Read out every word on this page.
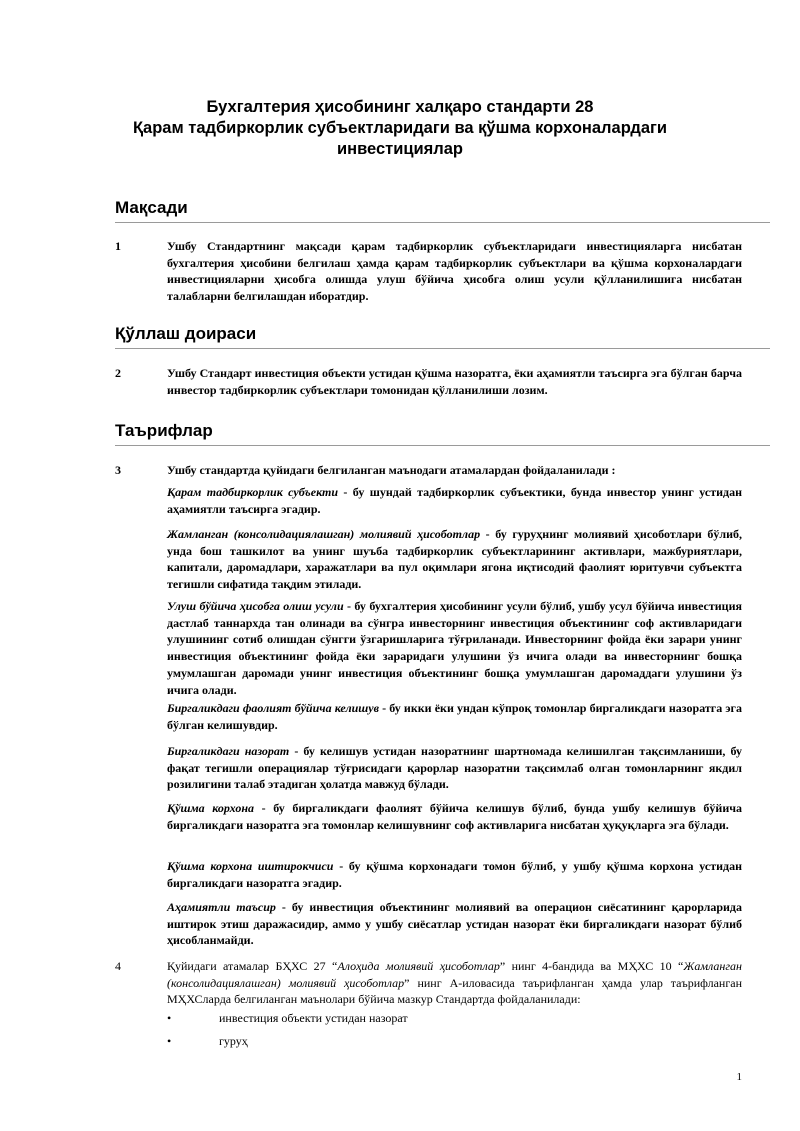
Бухгалтерия ҳисобининг халқаро стандарти 28
Қарам тадбиркорлик субъектларидаги ва қўшма корхоналардаги
инвестициялар
Мақсади
1	Ушбу Стандартнинг мақсади қарам тадбиркорлик субъектларидаги инвестицияларга нисбатан бухгалтерия ҳисобини белгилаш ҳамда қарам тадбиркорлик субъектлари ва қўшма корхоналардаги инвестицияларни ҳисобга олишда улуш бўйича ҳисобга олиш усули қўлланилишига нисбатан талабларни белгилашдан иборатдир.
Қўллаш доираси
2	Ушбу Стандарт инвестиция объекти устидан қўшма назоратга, ёки аҳамиятли таъсирга эга бўлган барча инвестор тадбиркорлик субъектлари томонидан қўлланилиши лозим.
Таърифлар
3	Ушбу стандартда қуйидаги белгиланган маънодаги атамалардан фойдаланилади :
Қарам тадбиркорлик субъекти - бу шундай тадбиркорлик субъектики, бунда инвестор унинг устидан аҳамиятли таъсирга эгадир.
Жамланган (консолидациялашган) молиявий ҳисоботлар - бу гуруҳнинг молиявий ҳисоботлари бўлиб, унда бош ташкилот ва унинг шуъба тадбиркорлик субъектларининг активлари, мажбуриятлари, капитали, даромадлари, харажатлари ва пул оқимлари ягона иқтисодий фаолият юритувчи субъектга тегишли сифатида тақдим этилади.
Улуш бўйича ҳисобга олиш усули - бу бухгалтерия ҳисобининг усули бўлиб, ушбу усул бўйича инвестиция дастлаб таннархда тан олинади ва сўнгра инвесторнинг инвестиция объектининг соф активларидаги улушининг сотиб олишдан сўнгги ўзгаришларига тўғриланади. Инвесторнинг фойда ёки зарари унинг инвестиция объектининг фойда ёки зараридаги улушини ўз ичига олади ва инвесторнинг бошқа умумлашган даромади унинг инвестиция объектининг бошқа умумлашган даромаддаги улушини ўз ичига олади.
Биргаликдаги фаолият бўйича келишув - бу икки ёки ундан кўпроқ томонлар биргаликдаги назоратга эга бўлган келишувдир.
Биргаликдаги назорат - бу келишув устидан назоратнинг шартномада келишилган тақсимланиши, бу фақат тегишли операциялар тўғрисидаги қарорлар назоратни тақсимлаб олган томонларнинг якдил розилигини талаб этадиган ҳолатда мавжуд бўлади.
Қўшма корхона - бу биргаликдаги фаолият бўйича келишув бўлиб, бунда ушбу келишув бўйича биргаликдаги назоратга эга томонлар келишувнинг соф активларига нисбатан ҳуқуқларга эга бўлади.
Қўшма корхона иштирокчиси - бу қўшма корхонадаги томон бўлиб, у ушбу қўшма корхона устидан биргаликдаги назоратга эгадир.
Аҳамиятли таъсир - бу инвестиция объектининг молиявий ва операцион сиёсатининг қарорларида иштирок этиш даражасидир, аммо у ушбу сиёсатлар устидан назорат ёки биргаликдаги назорат бўлиб ҳисобланмайди.
4	Қуйидаги атамалар БҲХС 27 “Алоҳида молиявий ҳисоботлар” нинг 4-бандида ва МҲХС 10 “Жамланган (консолидациялашган) молиявий ҳисоботлар” нинг А-иловасида таърифланган ҳамда улар таърифланган МҲХСларда белгиланган маънолари бўйича мазкур Стандартда фойдаланилади:
•	инвестиция объекти устидан назорат
•	гуруҳ
1
